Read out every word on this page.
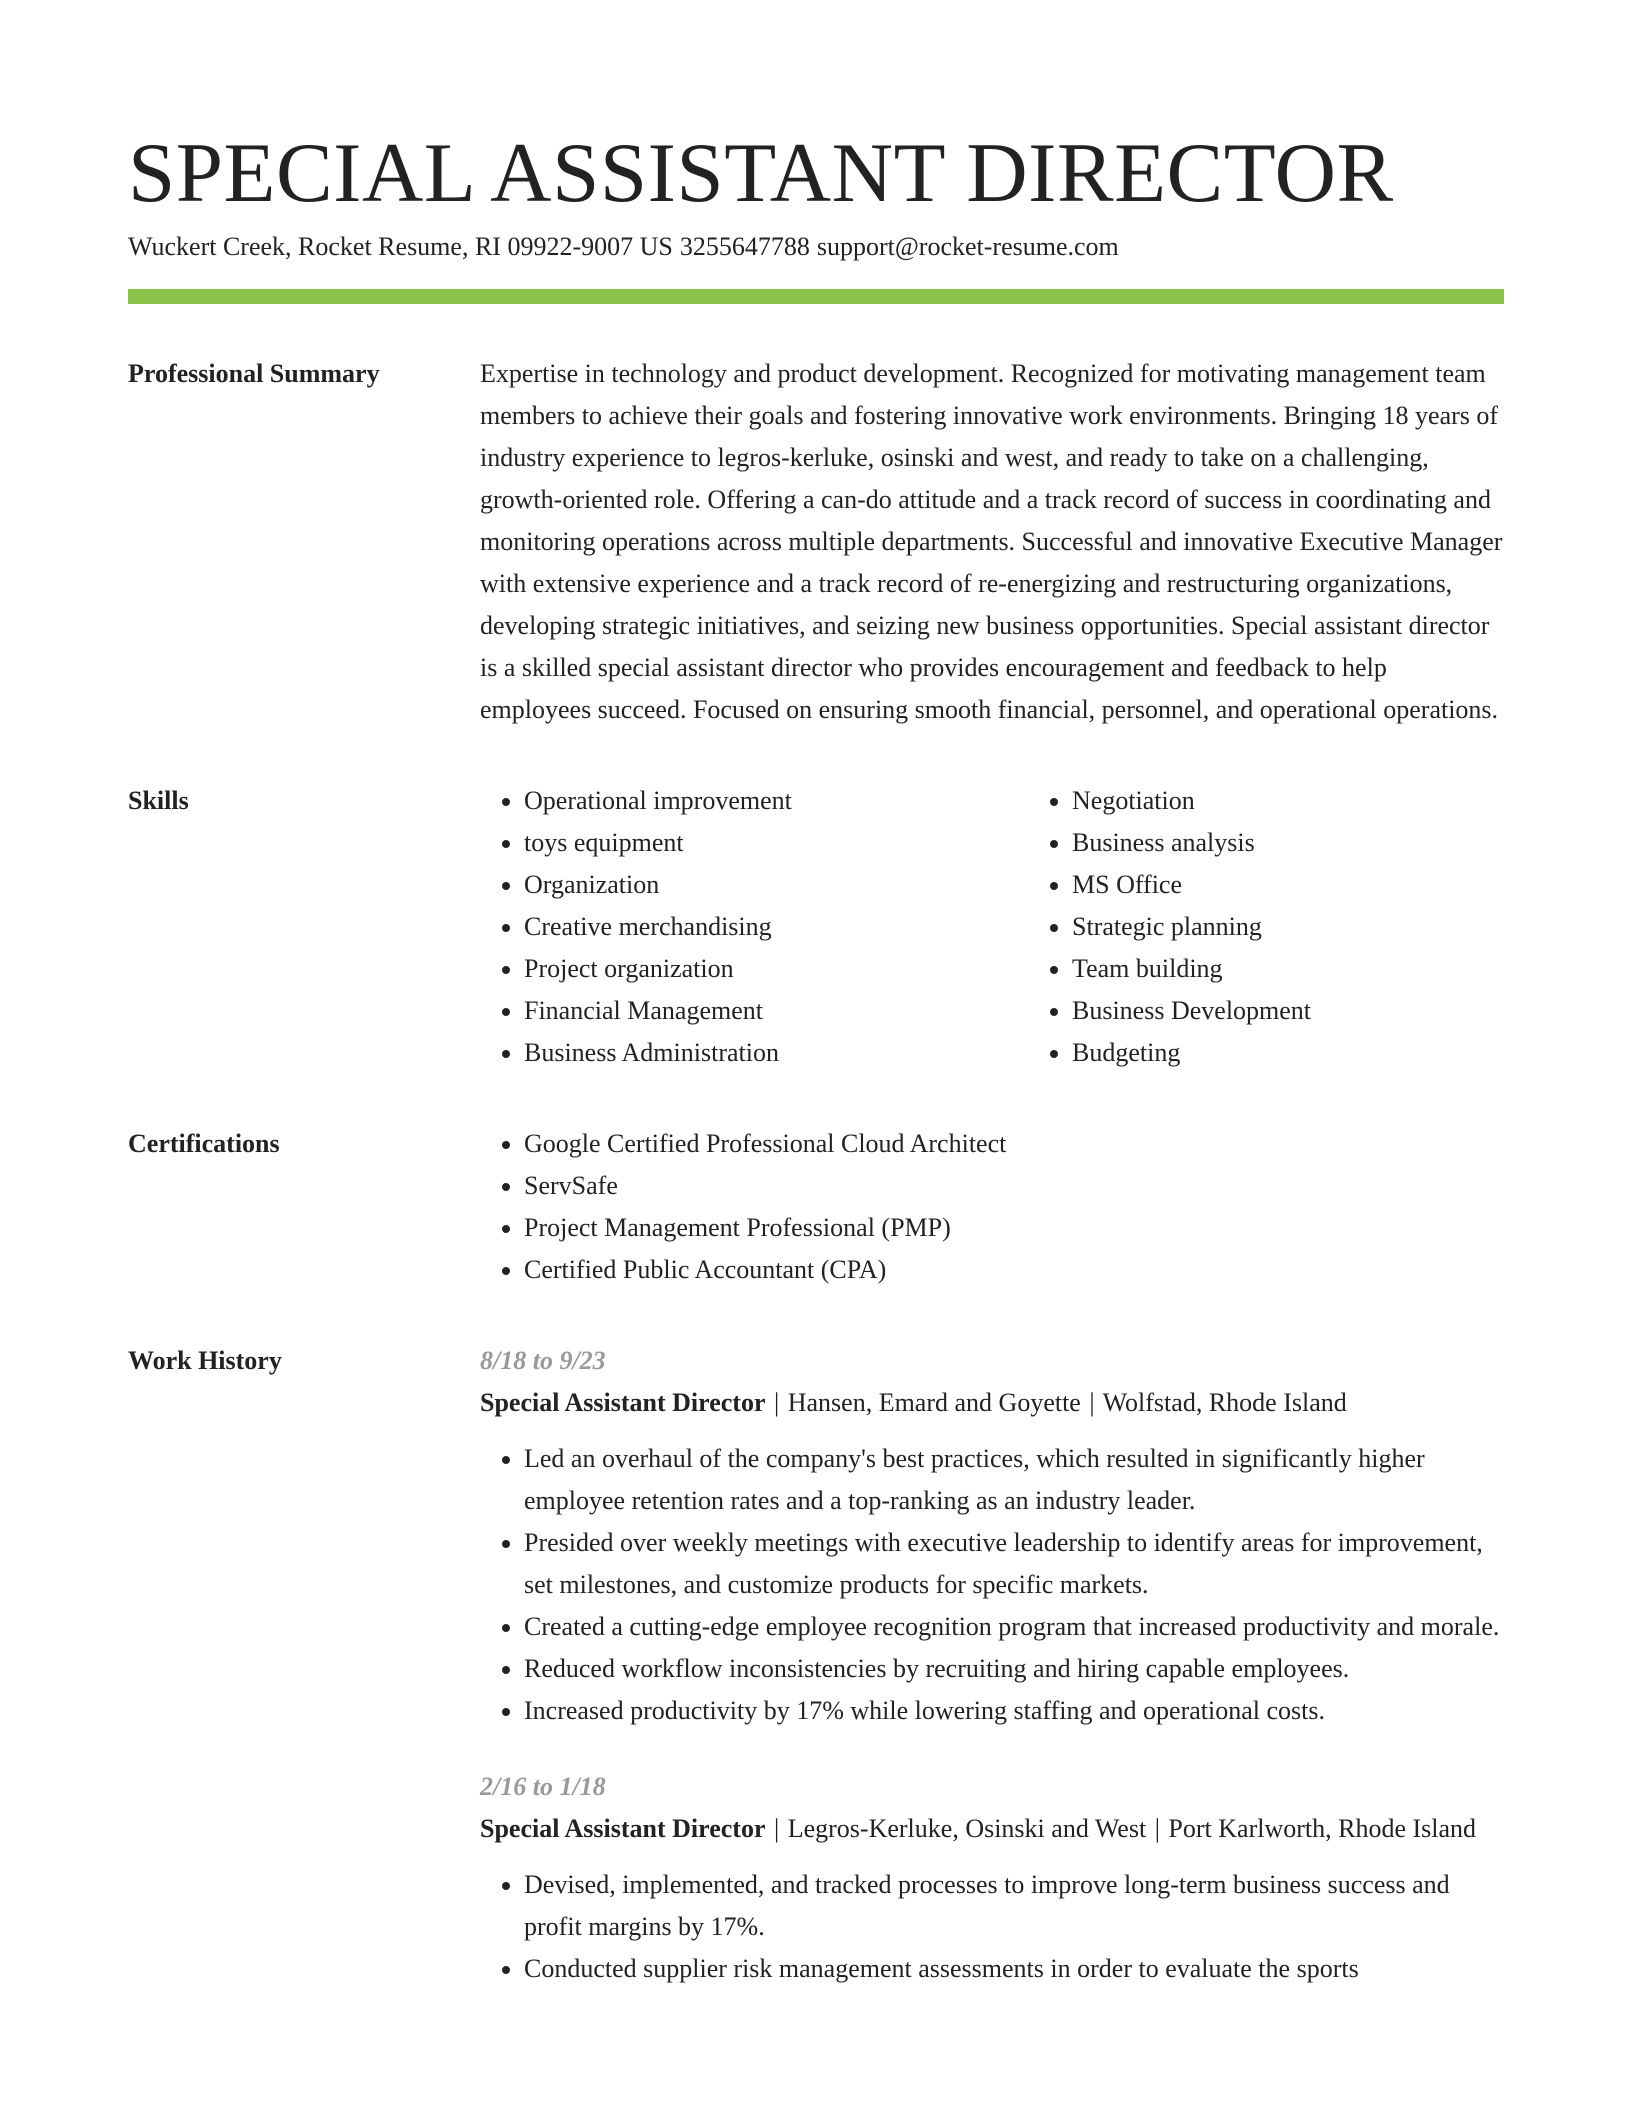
SPECIAL ASSISTANT DIRECTOR
Wuckert Creek, Rocket Resume, RI 09922-9007 US 3255647788 support@rocket-resume.com
Professional Summary	Expertise in technology and product development. Recognized for motivating management team members to achieve their goals and fostering innovative work environments. Bringing 18 years of industry experience to legros-kerluke, osinski and west, and ready to take on a challenging, growth-oriented role. Offering a can-do attitude and a track record of success in coordinating and monitoring operations across multiple departments. Successful and innovative Executive Manager with extensive experience and a track record of re-energizing and restructuring organizations, developing strategic initiatives, and seizing new business opportunities. Special assistant director is a skilled special assistant director who provides encouragement and feedback to help employees succeed. Focused on ensuring smooth financial, personnel, and operational operations.

Skills	• Operational improvement
• toys equipment
• Organization
• Creative merchandising
• Project organization
• Financial Management
• Business Administration
• Negotiation
• Business analysis
• MS Office
• Strategic planning
• Team building
• Business Development
• Budgeting
Certifications	• Google Certified Professional Cloud Architect
• ServSafe
• Project Management Professional (PMP)
• Certified Public Accountant (CPA)
Work History	8/18 to 9/23
Special Assistant Director | Hansen, Emard and Goyette | Wolfstad, Rhode Island
• Led an overhaul of the company's best practices, which resulted in significantly higher employee retention rates and a top-ranking as an industry leader.
• Presided over weekly meetings with executive leadership to identify areas for improvement, set milestones, and customize products for specific markets.
• Created a cutting-edge employee recognition program that increased productivity and morale.
• Reduced workflow inconsistencies by recruiting and hiring capable employees.
• Increased productivity by 17% while lowering staffing and operational costs.
2/16 to 1/18
Special Assistant Director | Legros-Kerluke, Osinski and West | Port Karlworth, Rhode Island
• Devised, implemented, and tracked processes to improve long-term business success and profit margins by 17%.
• Conducted supplier risk management assessments in order to evaluate the sports
